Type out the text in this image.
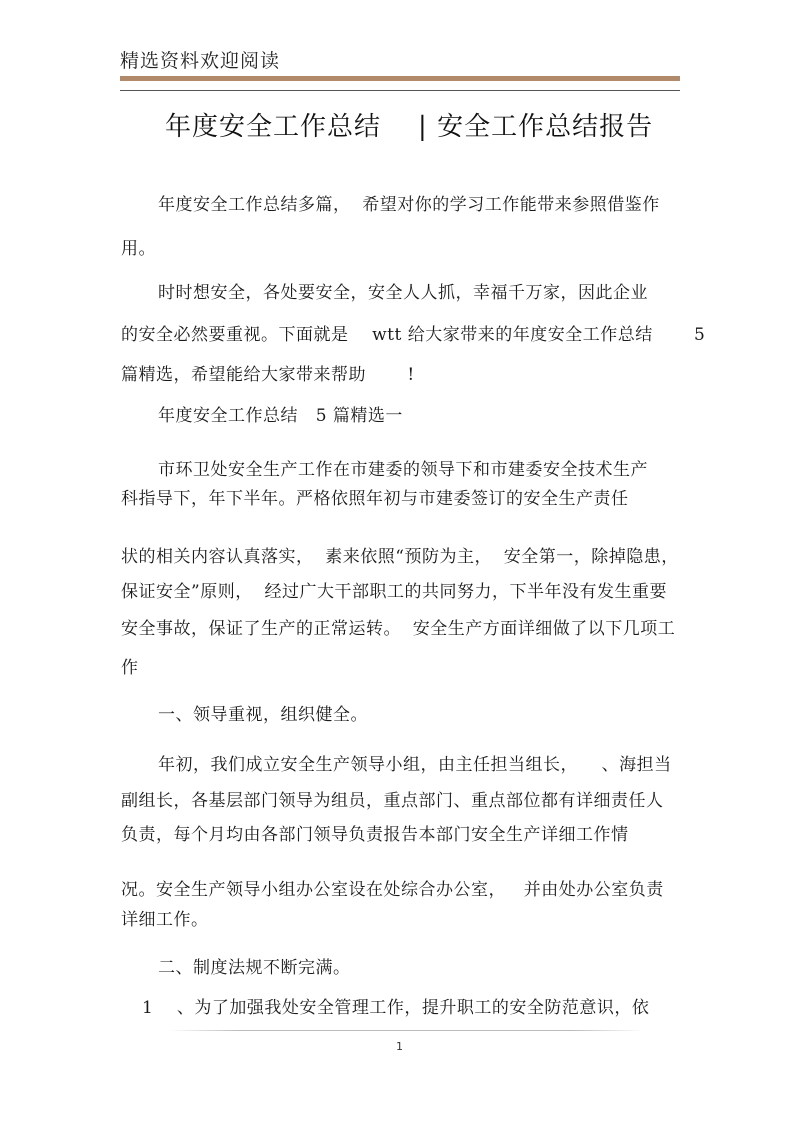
精选资料欢迎阅读
年度安全工作总结    | 安全工作总结报告
年度安全工作总结多篇，  希望对你的学习工作能带来参照借鉴作
用。
时时想安全，各处要安全，安全人人抓，幸福千万家，因此企业
的安全必然要重视。下面就是    wtt 给大家带来的年度安全工作总结       5
篇精选，希望能给大家带来帮助       !
年度安全工作总结   5 篇精选一
市环卫处安全生产工作在市建委的领导下和市建委安全技术生产
科指导下，年下半年。严格依照年初与市建委签订的安全生产责任
状的相关内容认真落实，  素来依照“预防为主，  安全第一，除掉隐患，
保证安全”原则，  经过广大干部职工的共同努力，下半年没有发生重要
安全事故，保证了生产的正常运转。  安全生产方面详细做了以下几项工
作
一、领导重视，组织健全。
年初，我们成立安全生产领导小组，由主任担当组长，    、海担当
副组长，各基层部门领导为组员，重点部门、重点部位都有详细责任人
负责，每个月均由各部门领导负责报告本部门安全生产详细工作情
况。安全生产领导小组办公室设在处综合办公室，   并由处办公室负责
详细工作。
二、制度法规不断完满。
1    、为了加强我处安全管理工作，提升职工的安全防范意识，依
1
